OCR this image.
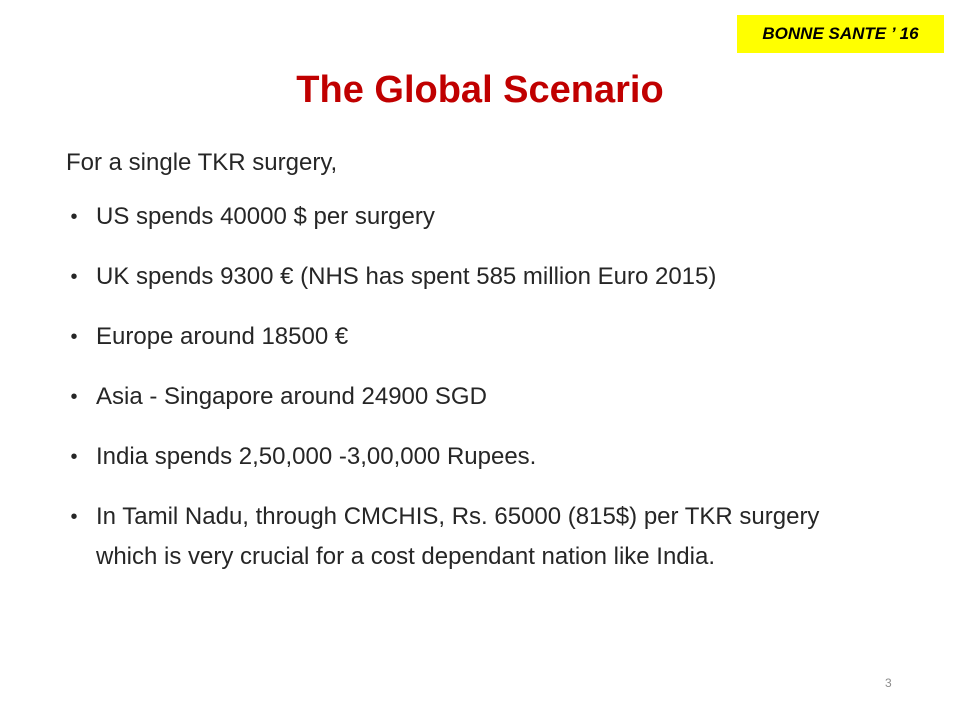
BONNE SANTE ’ 16
The Global Scenario
For a single TKR surgery,
• US spends 40000 $ per surgery
• UK spends 9300 € (NHS has spent 585 million Euro 2015)
• Europe around 18500 €
• Asia - Singapore around 24900 SGD
• India spends 2,50,000 -3,00,000 Rupees.
• In Tamil Nadu, through CMCHIS, Rs. 65000 (815$) per TKR surgery which is very crucial for a cost dependant nation like India.
3
